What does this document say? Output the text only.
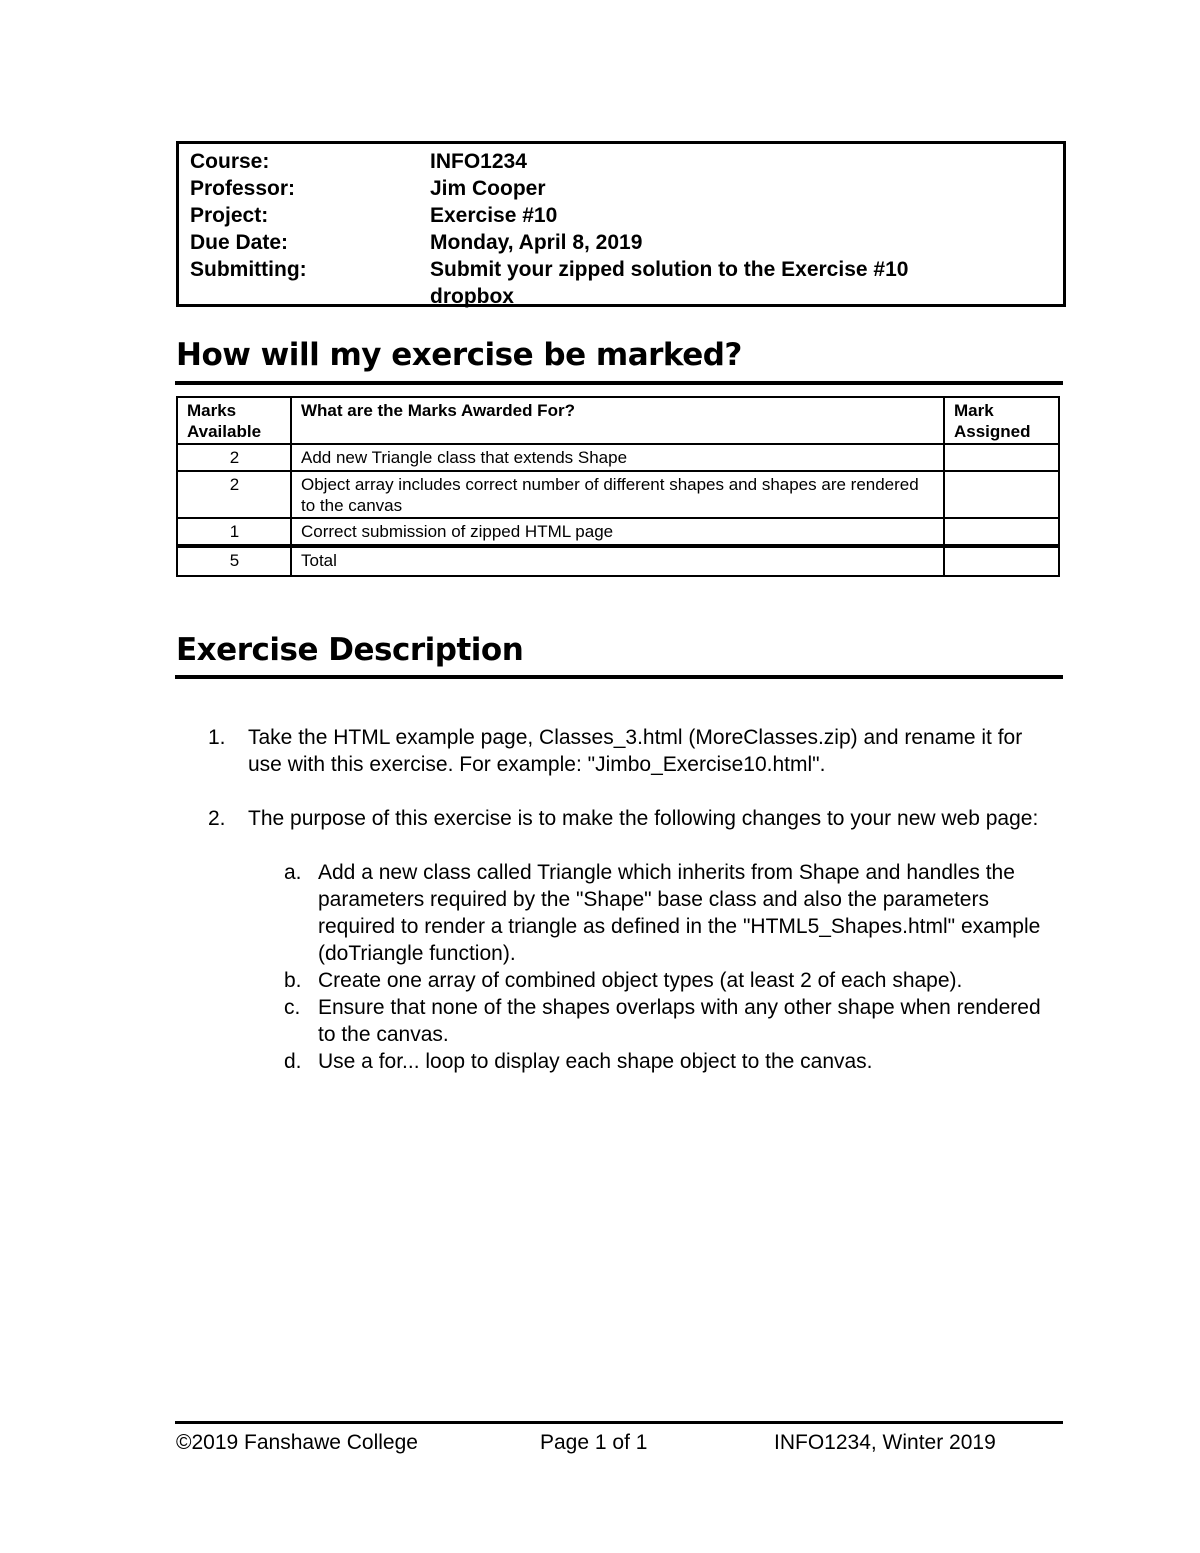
Course:	INFO1234
Professor:	Jim Cooper
Project:	Exercise #10
Due Date:	Monday, April 8, 2019
Submitting:	Submit your zipped solution to the Exercise #10 dropbox
How will my exercise be marked?
Marks Available	What are the Marks Awarded For?	Mark Assigned
2	Add new Triangle class that extends Shape	
2	Object array includes correct number of different shapes and shapes are rendered to the canvas	
1	Correct submission of zipped HTML page	
5	Total	
Exercise Description
1. Take the HTML example page, Classes_3.html (MoreClasses.zip) and rename it for use with this exercise. For example: "Jimbo_Exercise10.html".
2. The purpose of this exercise is to make the following changes to your new web page:
a. Add a new class called Triangle which inherits from Shape and handles the parameters required by the "Shape" base class and also the parameters required to render a triangle as defined in the "HTML5_Shapes.html" example (doTriangle function).
b. Create one array of combined object types (at least 2 of each shape).
c. Ensure that none of the shapes overlaps with any other shape when rendered to the canvas.
d. Use a for... loop to display each shape object to the canvas.
©2019 Fanshawe College	Page 1 of 1	INFO1234, Winter 2019
